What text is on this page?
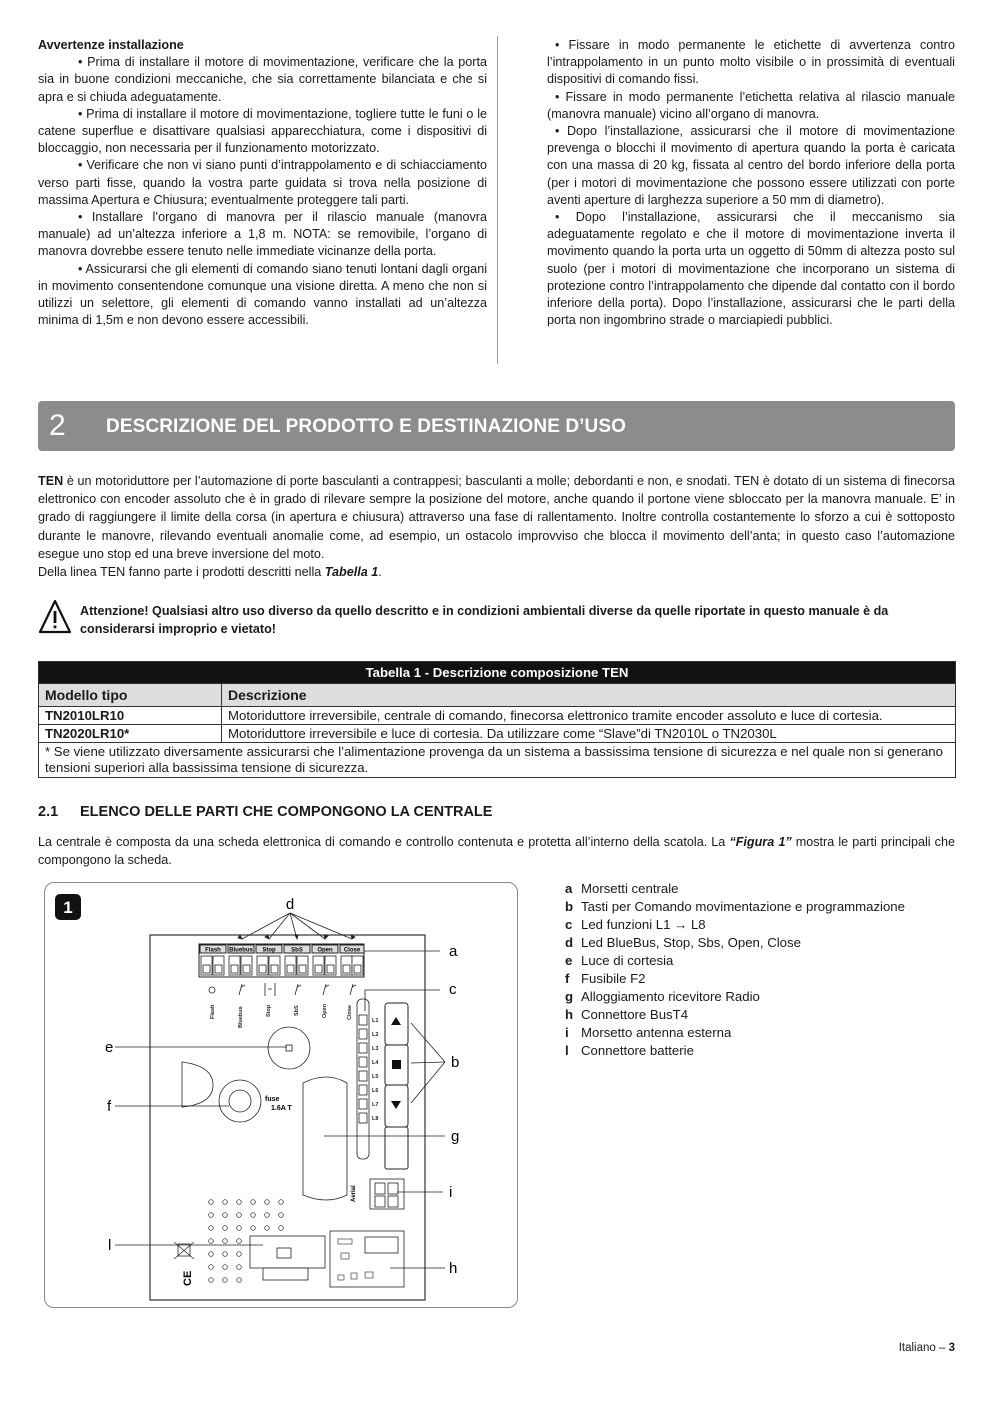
Avvertenze installazione

• Prima di installare il motore di movimentazione, verificare che la porta sia in buone condizioni meccaniche, che sia correttamente bilanciata e che si apra e si chiuda adeguatamente.

• Prima di installare il motore di movimentazione, togliere tutte le funi o le catene superflue e disattivare qualsiasi apparecchiatura, come i dispositivi di bloccaggio, non necessaria per il funzionamento motorizzato.

• Verificare che non vi siano punti d’intrappolamento e di schiacciamento verso parti fisse, quando la vostra parte guidata si trova nella posizione di massima Apertura e Chiusura; eventualmente proteggere tali parti.

• Installare l’organo di manovra per il rilascio manuale (manovra manuale) ad un’altezza inferiore a 1,8 m. NOTA: se removibile, l’organo di manovra dovrebbe essere tenuto nelle immediate vicinanze della porta.

• Assicurarsi che gli elementi di comando siano tenuti lontani dagli organi in movimento consentendone comunque una visione diretta. A meno che non si utilizzi un selettore, gli elementi di comando vanno installati ad un’altezza minima di 1,5m e non devono essere accessibili.

• Fissare in modo permanente le etichette di avvertenza contro l’intrappolamento in un punto molto visibile o in prossimità di eventuali dispositivi di comando fissi.

• Fissare in modo permanente l’etichetta relativa al rilascio manuale (manovra manuale) vicino all’organo di manovra.

• Dopo l’installazione, assicurarsi che il motore di movimentazione prevenga o blocchi il movimento di apertura quando la porta è caricata con una massa di 20 kg, fissata al centro del bordo inferiore della porta (per i motori di movimentazione che possono essere utilizzati con porte aventi aperture di larghezza superiore a 50 mm di diametro).

• Dopo l’installazione, assicurarsi che il meccanismo sia adeguatamente regolato e che il motore di movimentazione inverta il movimento quando la porta urta un oggetto di 50mm di altezza posto sul suolo (per i motori di movimentazione che incorporano un sistema di protezione contro l’intrappolamento che dipende dal contatto con il bordo inferiore della porta). Dopo l’installazione, assicurarsi che le parti della porta non ingombrino strade o marciapiedi pubblici.

2 DESCRIZIONE DEL PRODOTTO E DESTINAZIONE D’USO

TEN è un motoriduttore per l’automazione di porte basculanti a contrappesi; basculanti a molle; debordanti e non, e snodati. TEN è dotato di un sistema di finecorsa elettronico con encoder assoluto che è in grado di rilevare sempre la posizione del motore, anche quando il portone viene sbloccato per la manovra manuale. E’ in grado di raggiungere il limite della corsa (in apertura e chiusura) attraverso una fase di rallentamento. Inoltre controlla costantemente lo sforzo a cui è sottoposto durante le manovre, rilevando eventuali anomalie come, ad esempio, un ostacolo improvviso che blocca il movimento dell’anta; in questo caso l’automazione esegue uno stop ed una breve inversione del moto.

Della linea TEN fanno parte i prodotti descritti nella Tabella 1.

Attenzione! Qualsiasi altro uso diverso da quello descritto e in condizioni ambientali diverse da quelle riportate in questo manuale è da considerarsi improprio e vietato!
Tabella 1 - Descrizione composizione TEN	
Modello tipo	Descrizione
TN2010LR10	Motoriduttore irreversibile, centrale di comando, finecorsa elettronico tramite encoder assoluto e luce di cortesia.
TN2020LR10*	Motoriduttore irreversibile e luce di cortesia. Da utilizzare come “Slave”di TN2010L o TN2030L
* Se viene utilizzato diversamente assicurarsi che l’alimentazione provenga da un sistema a bassissima tensione di sicurezza e nel quale non si generano tensioni superiori alla bassissima tensione di sicurezza.	
2.1 ELENCO DELLE PARTI CHE COMPONGONO LA CENTRALE
La centrale è composta da una scheda elettronica di comando e controllo contenuta e protetta all’interno della scatola. La “Figura 1” mostra le parti principali che compongono la scheda.
1
Flash Bluebus Stop	SbS Open Close
Flash	Bluebus	Stop	SbS	Open	Close
d
a
c
L1
L2
L3
L4
L5
L6
L7
L8
b
e
fuse
1.6A T
f
g
Aerial	i
l
CE
h
a Morsetti centrale
b Tasti per Comando movimentazione e programmazione
c Led funzioni L1 → L8
d Led BlueBus, Stop, Sbs, Open, Close
e Luce di cortesia
f Fusibile F2
g Alloggiamento ricevitore Radio
h Connettore BusT4
i Morsetto antenna esterna
l Connettore batterie
Italiano – 3
